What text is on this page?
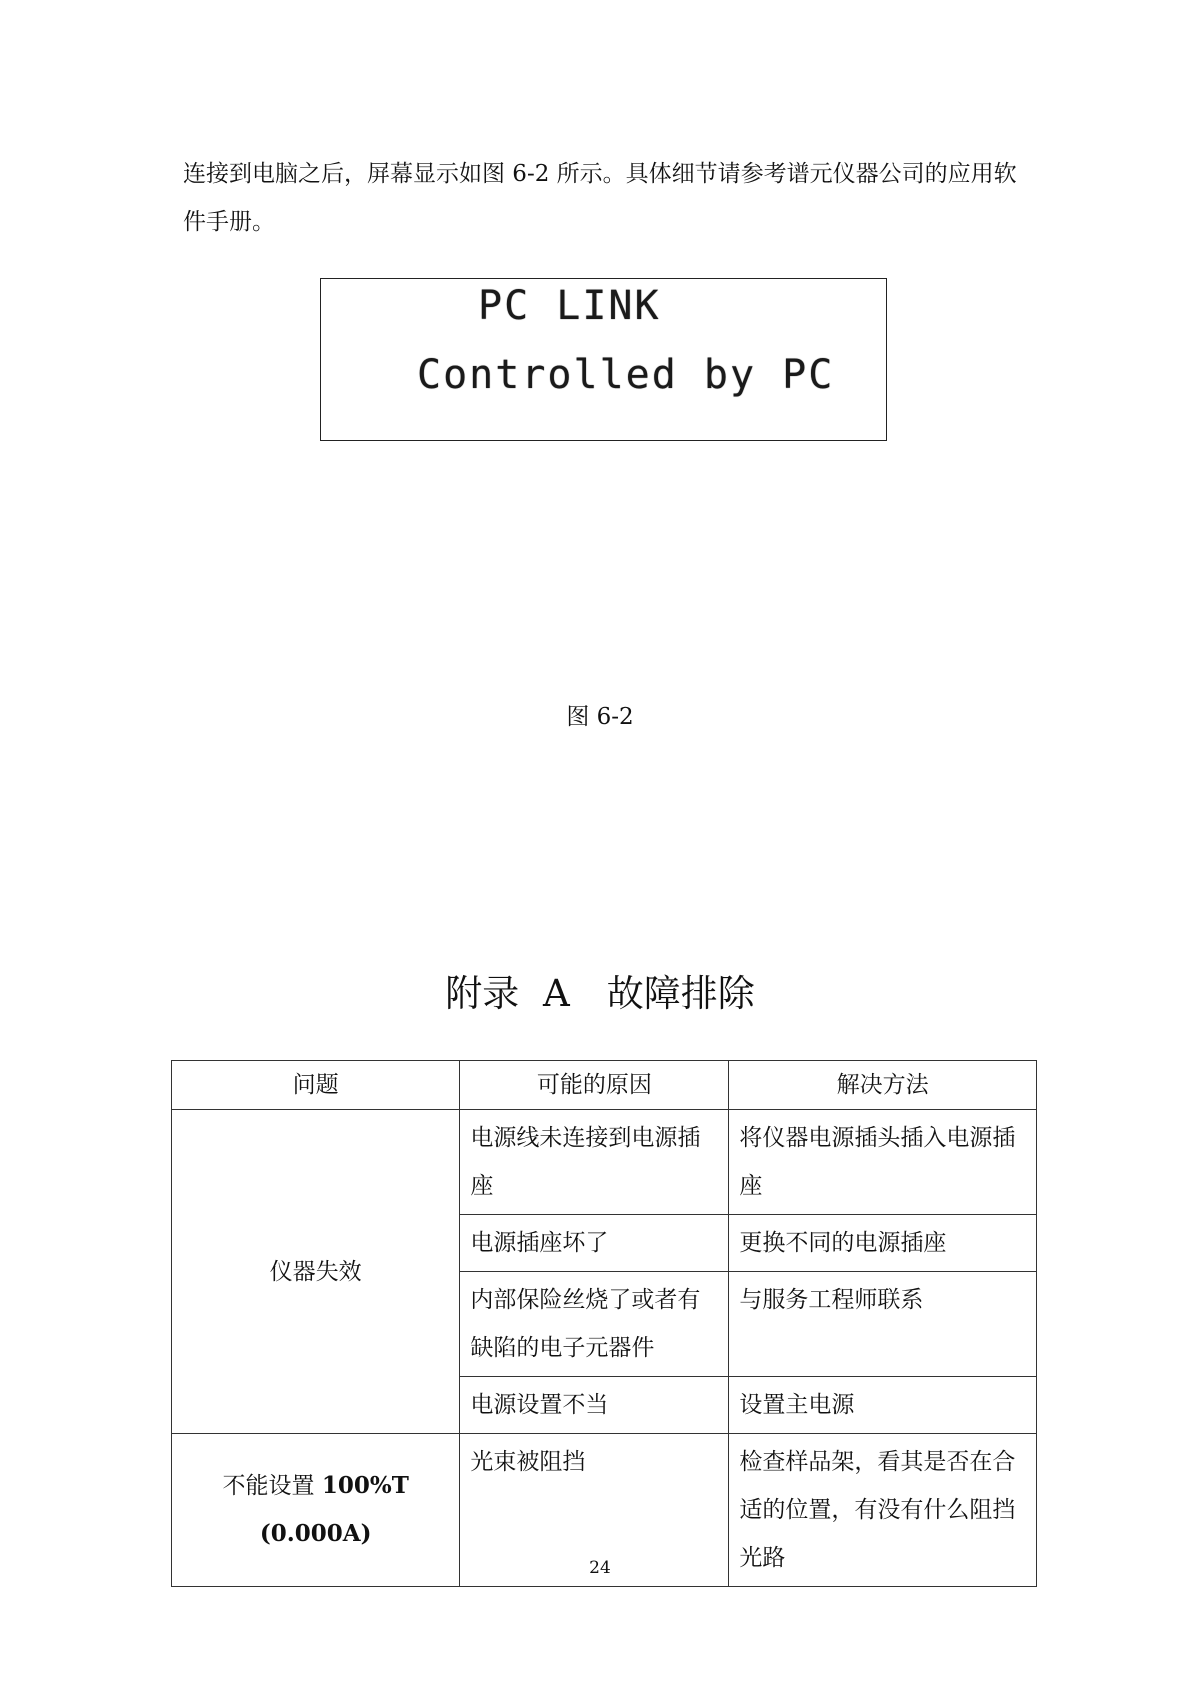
连接到电脑之后，屏幕显示如图 6-2 所示。具体细节请参考谱元仪器公司的应用软件手册。

PC LINK

Controlled by PC

图 6-2

附录 A　故障排除
问题	可能的原因	解决方法
仪器失效	电源线未连接到电源插座	将仪器电源插头插入电源插座
	电源插座坏了	更换不同的电源插座
	内部保险丝烧了或者有缺陷的电子元器件	与服务工程师联系
	电源设置不当	设置主电源
不能设置 100%T
(0.000A)	光束被阻挡	检查样品架，看其是否在合适的位置，有没有什么阻挡光路

24
